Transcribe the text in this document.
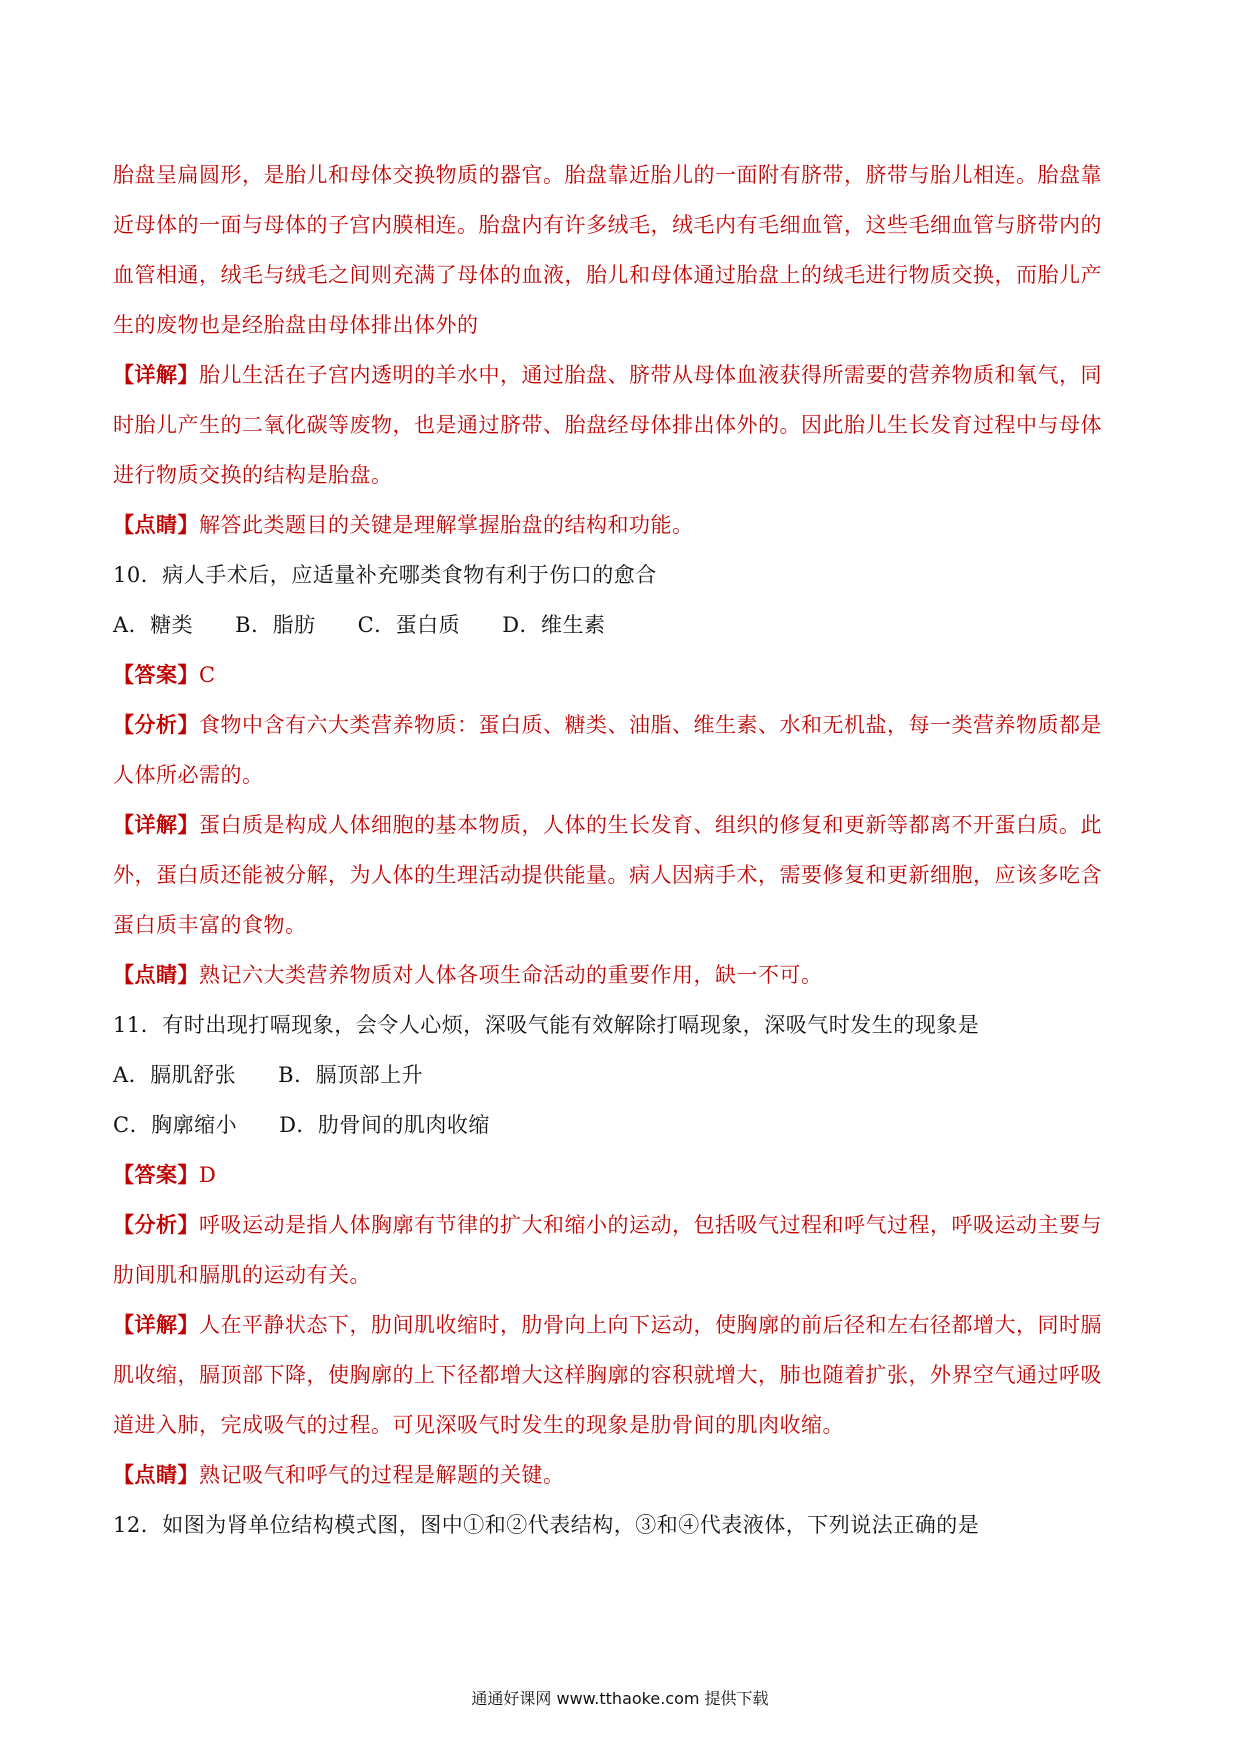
胎盘呈扁圆形，是胎儿和母体交换物质的器官。胎盘靠近胎儿的一面附有脐带，脐带与胎儿相连。胎盘靠
近母体的一面与母体的子宫内膜相连。胎盘内有许多绒毛，绒毛内有毛细血管，这些毛细血管与脐带内的
血管相通，绒毛与绒毛之间则充满了母体的血液，胎儿和母体通过胎盘上的绒毛进行物质交换，而胎儿产
生的废物也是经胎盘由母体排出体外的
【详解】胎儿生活在子宫内透明的羊水中，通过胎盘、脐带从母体血液获得所需要的营养物质和氧气，同
时胎儿产生的二氧化碳等废物，也是通过脐带、胎盘经母体排出体外的。因此胎儿生长发育过程中与母体
进行物质交换的结构是胎盘。
【点睛】解答此类题目的关键是理解掌握胎盘的结构和功能。
10．病人手术后，应适量补充哪类食物有利于伤口的愈合
A．糖类 B．脂肪 C．蛋白质 D．维生素
【答案】C
【分析】食物中含有六大类营养物质：蛋白质、糖类、油脂、维生素、水和无机盐，每一类营养物质都是
人体所必需的。
【详解】蛋白质是构成人体细胞的基本物质，人体的生长发育、组织的修复和更新等都离不开蛋白质。此
外，蛋白质还能被分解，为人体的生理活动提供能量。病人因病手术，需要修复和更新细胞，应该多吃含
蛋白质丰富的食物。
【点睛】熟记六大类营养物质对人体各项生命活动的重要作用，缺一不可。
11．有时出现打嗝现象，会令人心烦，深吸气能有效解除打嗝现象，深吸气时发生的现象是
A．膈肌舒张 B．膈顶部上升
C．胸廓缩小 D．肋骨间的肌肉收缩
【答案】D
【分析】呼吸运动是指人体胸廓有节律的扩大和缩小的运动，包括吸气过程和呼气过程，呼吸运动主要与
肋间肌和膈肌的运动有关。
【详解】人在平静状态下，肋间肌收缩时，肋骨向上向下运动，使胸廓的前后径和左右径都增大，同时膈
肌收缩，膈顶部下降，使胸廓的上下径都增大这样胸廓的容积就增大，肺也随着扩张，外界空气通过呼吸
道进入肺，完成吸气的过程。可见深吸气时发生的现象是肋骨间的肌肉收缩。
【点睛】熟记吸气和呼气的过程是解题的关键。
12．如图为肾单位结构模式图，图中①和②代表结构，③和④代表液体，下列说法正确的是
通通好课网 www.tthaoke.com 提供下载
